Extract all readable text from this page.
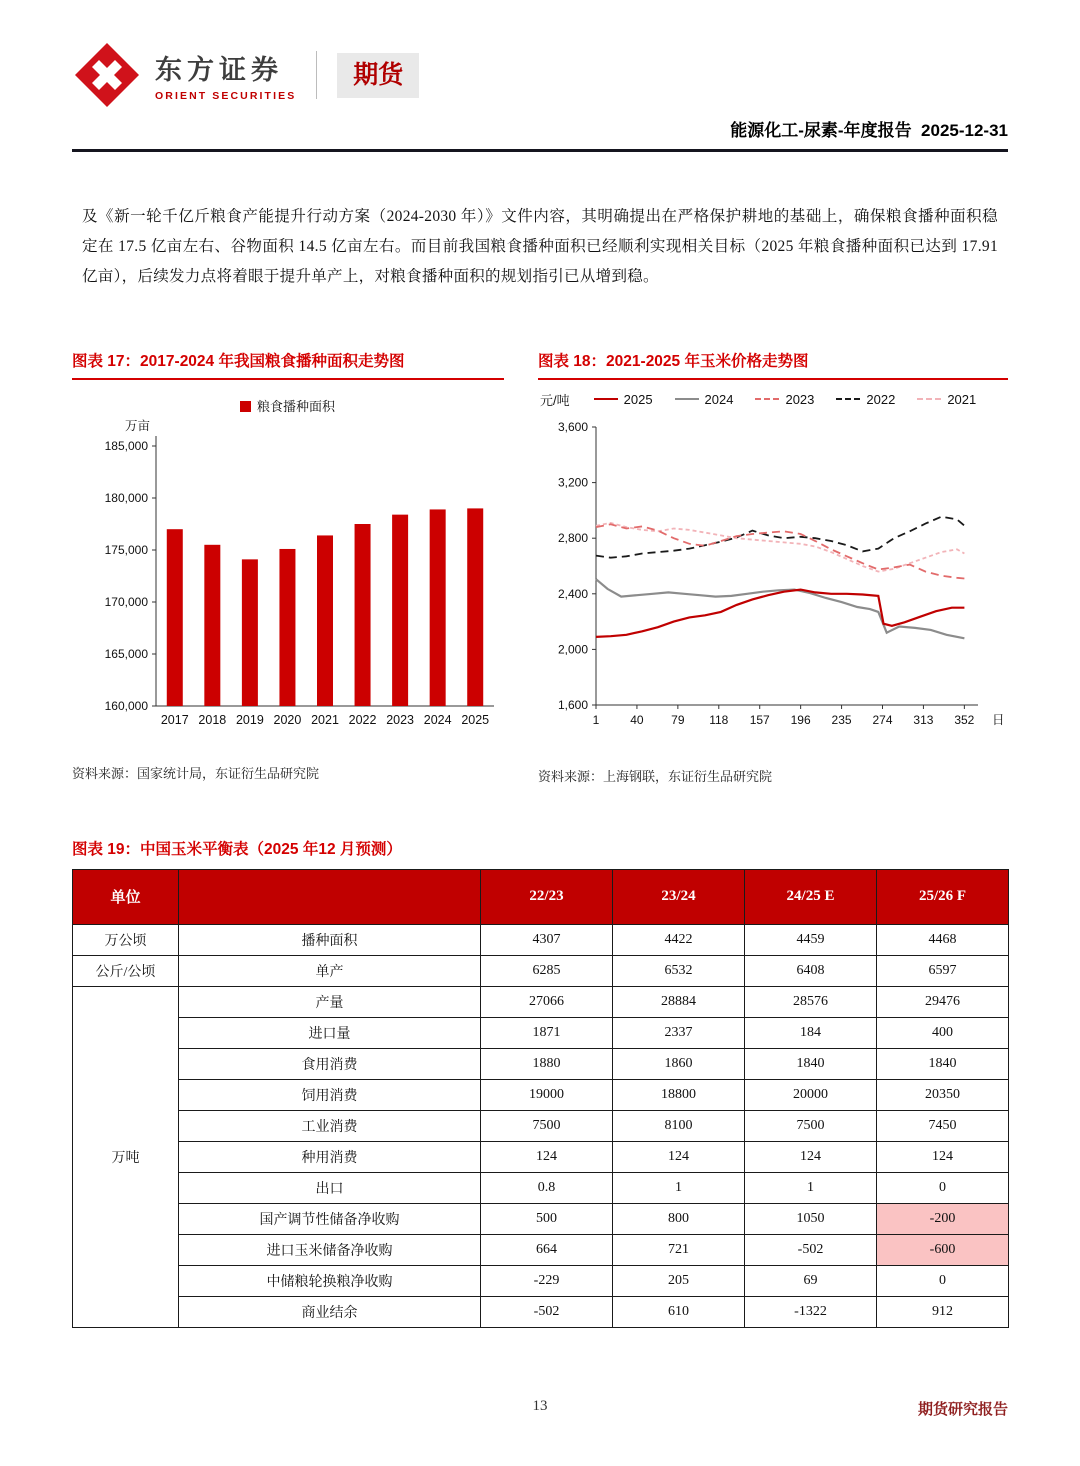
东方证券
ORIENT SECURITIES
期货
能源化工-尿素-年度报告 2025-12-31

及《新一轮千亿斤粮食产能提升行动方案（2024-2030 年）》文件内容，其明确提出在严格保护耕地的基础上，确保粮食播种面积稳定在 17.5 亿亩左右、谷物面积 14.5 亿亩左右。而目前我国粮食播种面积已经顺利实现相关目标（2025 年粮食播种面积已达到 17.91 亿亩），后续发力点将着眼于提升单产上，对粮食播种面积的规划指引已从增到稳。

图表 17：2017-2024 年我国粮食播种面积走势图
粮食播种面积
万亩
160,000
165,000
170,000
175,000
180,000
185,000
2017 2018 2019 2020 2021 2022 2023 2024 2025
资料来源：国家统计局，东证衍生品研究院
图表 18：2021-2025 年玉米价格走势图
元/吨	2025	2024	2023	2022	2021
1,600
2,000
2,400
2,800
3,200
3,600
1	40 79 118 157 196 235 274 313 352 日
资料来源：上海钢联，东证衍生品研究院
图表 19：中国玉米平衡表（2025 年12 月预测）
单位		22/23	23/24	24/25 E	25/26 F
万公顷	播种面积	4307	4422	4459	4468
公斤/公顷	单产	6285	6532	6408	6597
万吨	产量	27066	28884	28576	29476
	进口量	1871	2337	184	400
	食用消费	1880	1860	1840	1840
	饲用消费	19000	18800	20000	20350
	工业消费	7500	8100	7500	7450
	种用消费	124	124	124	124
	出口	0.8	1	1	0
	国产调节性储备净收购	500	800	1050	-200
	进口玉米储备净收购	664	721	-502	-600
	中储粮轮换粮净收购	-229	205	69	0
	商业结余	-502	610	-1322	912
13	期货研究报告
